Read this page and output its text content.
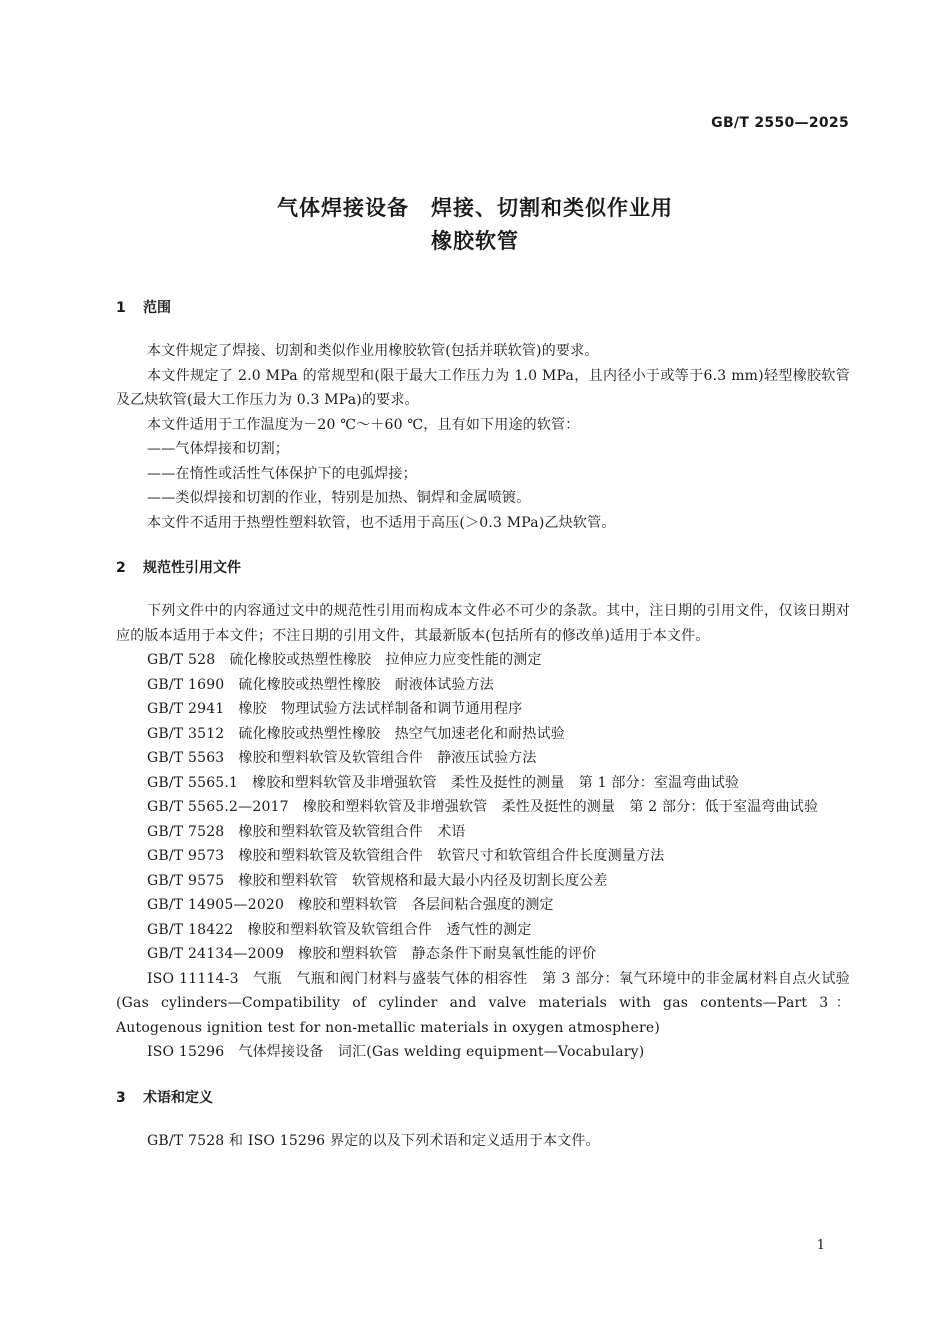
GB/T 2550—2025
气体焊接设备 焊接、切割和类似作业用
橡胶软管
1 范围

本文件规定了焊接、切割和类似作业用橡胶软管(包括并联软管)的要求。

本文件规定了 2.0 MPa 的常规型和(限于最大工作压力为 1.0 MPa，且内径小于或等于6.3 mm)轻型橡胶软管及乙炔软管(最大工作压力为 0.3 MPa)的要求。

本文件适用于工作温度为－20 ℃～＋60 ℃，且有如下用途的软管：

——气体焊接和切割；

——在惰性或活性气体保护下的电弧焊接；

——类似焊接和切割的作业，特别是加热、铜焊和金属喷镀。

本文件不适用于热塑性塑料软管，也不适用于高压(＞0.3 MPa)乙炔软管。

2 规范性引用文件

下列文件中的内容通过文中的规范性引用而构成本文件必不可少的条款。其中，注日期的引用文件，仅该日期对应的版本适用于本文件；不注日期的引用文件，其最新版本(包括所有的修改单)适用于本文件。

GB/T 528 硫化橡胶或热塑性橡胶　拉伸应力应变性能的测定

GB/T 1690 硫化橡胶或热塑性橡胶　耐液体试验方法

GB/T 2941 橡胶　物理试验方法试样制备和调节通用程序

GB/T 3512 硫化橡胶或热塑性橡胶　热空气加速老化和耐热试验

GB/T 5563 橡胶和塑料软管及软管组合件　静液压试验方法

GB/T 5565.1 橡胶和塑料软管及非增强软管　柔性及挺性的测量　第 1 部分：室温弯曲试验

GB/T 5565.2—2017 橡胶和塑料软管及非增强软管　柔性及挺性的测量　第 2 部分：低于室温弯曲试验

GB/T 7528 橡胶和塑料软管及软管组合件　术语

GB/T 9573 橡胶和塑料软管及软管组合件　软管尺寸和软管组合件长度测量方法

GB/T 9575 橡胶和塑料软管　软管规格和最大最小内径及切割长度公差

GB/T 14905—2020 橡胶和塑料软管　各层间粘合强度的测定

GB/T 18422 橡胶和塑料软管及软管组合件　透气性的测定

GB/T 24134—2009 橡胶和塑料软管　静态条件下耐臭氧性能的评价

ISO 11114-3 气瓶　气瓶和阀门材料与盛装气体的相容性　第 3 部分：氧气环境中的非金属材料自点火试验(Gas cylinders—Compatibility of cylinder and valve materials with gas contents—Part 3：Autogenous ignition test for non-metallic materials in oxygen atmosphere)

ISO 15296 气体焊接设备　词汇(Gas welding equipment—Vocabulary)

3 术语和定义

GB/T 7528 和 ISO 15296 界定的以及下列术语和定义适用于本文件。

1
